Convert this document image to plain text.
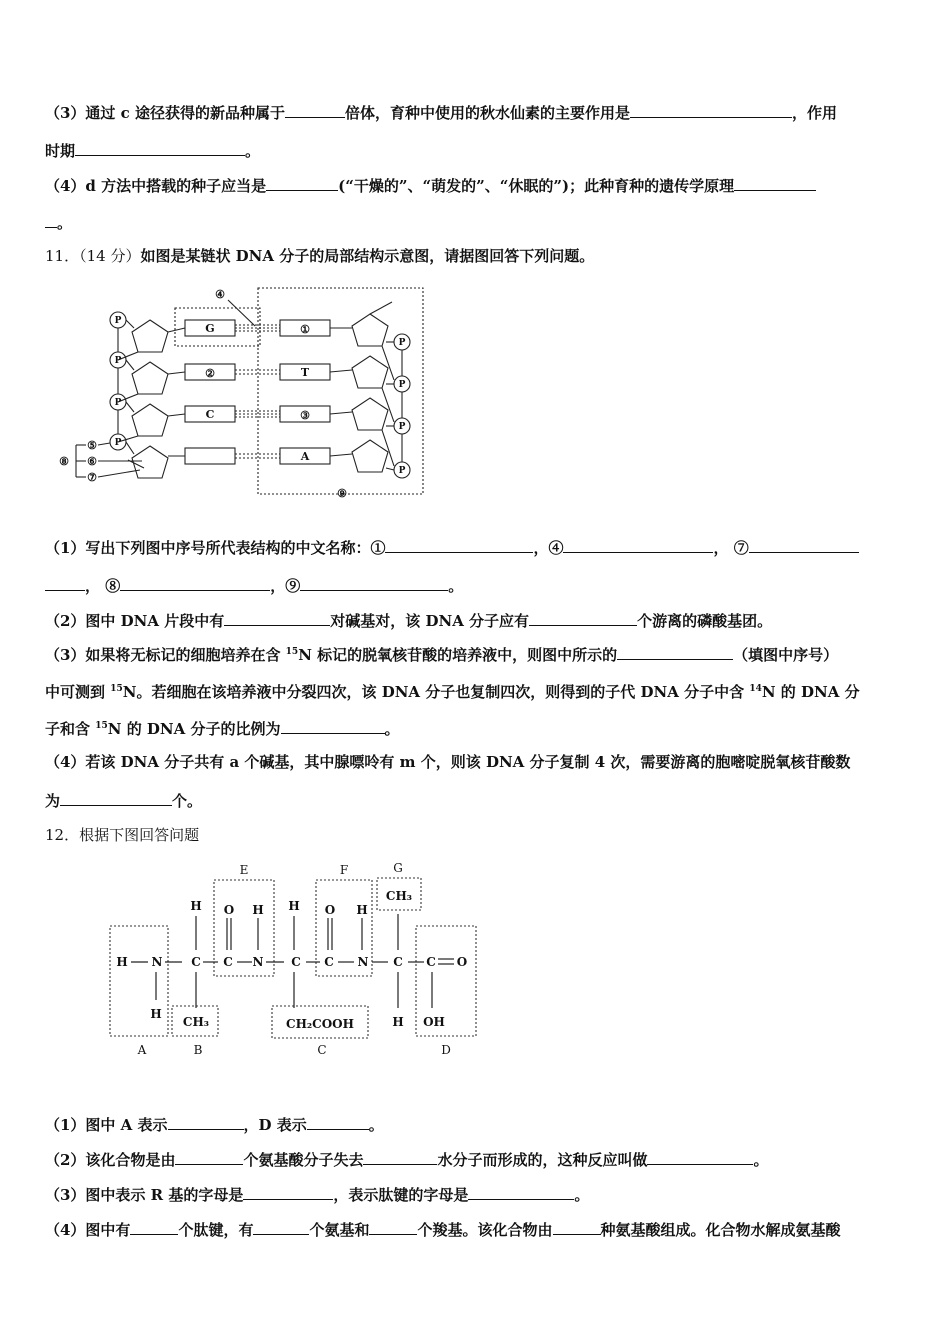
（3）通过 c 途径获得的新品种属于	倍体，育种中使用的秋水仙素的主要作用是	，作用
时期	。
（4）d 方法中搭载的种子应当是	(“干燥的”、“萌发的”、“休眠的”)；此种育种的遗传学原理
。
11．（14 分）如图是某链状 DNA 分子的局部结构示意图，请据图回答下列问题。
P
P
P
P
P
P
P
P
G	①
②	T
C	③
A
④
⑤
⑥
⑦
⑧
⑨
（1）写出下列图中序号所代表结构的中文名称：①	，④	， ⑦
， ⑧	，⑨	。
（2）图中 DNA 片段中有	对碱基对，该 DNA 分子应有	个游离的磷酸基团。
（3）如果将无标记的细胞培养在含 $^{15}$N 标记的脱氧核苷酸的培养液中，则图中所示的	（填图中序号）
中可测到 $^{15}$N。若细胞在该培养液中分裂四次，该 DNA 分子也复制四次，则得到的子代 DNA 分子中含 $^{14}$N 的 DNA 分
子和含 $^{15}$N 的 DNA 分子的比例为	。
（4）若该 DNA 分子共有 a 个碱基，其中腺嘌呤有 m 个，则该 DNA 分子复制 4 次，需要游离的胞嘧啶脱氧核苷酸数
为	个。
12．根据下图回答问题
H N
H
C
H
CH₃
C
O
N
H
C
H
CH₂COOH
C
O
N
H
C
CH₃
H
C O
OH
A	B	C	D
E	F	G
（1）图中 A 表示	，D 表示	。
（2）该化合物是由	个氨基酸分子失去	水分子而形成的，这种反应叫做	。
（3）图中表示 R 基的字母是	，表示肽键的字母是	。
（4）图中有	个肽键，有	个氨基和	个羧基。该化合物由	种氨基酸组成。化合物水解成氨基酸
